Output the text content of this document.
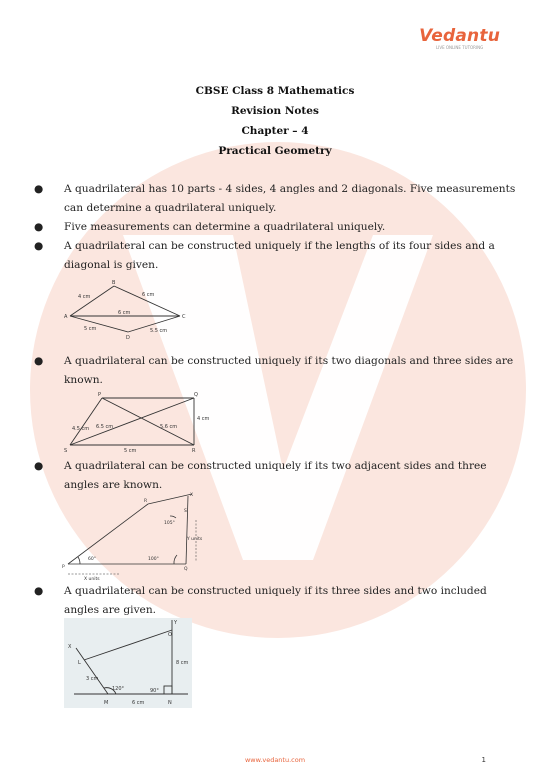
Vedantu
LIVE ONLINE TUTORING
CBSE Class 8 Mathematics
Revision Notes
Chapter – 4
Practical Geometry
●	A quadrilateral has 10 parts - 4 sides, 4 angles and 2 diagonals. Five measurements can determine a quadrilateral uniquely.
●	Five measurements can determine a quadrilateral uniquely.
●	A quadrilateral can be constructed uniquely if the lengths of its four sides and a diagonal is given.
B
4 cm	6 cm
A
6 cm
C
5 cm	5.5 cm
D
●	A quadrilateral can be constructed uniquely if its two diagonals and three sides are known.
P	Q
4.5 cm 6.5 cm	5.6 cm
4 cm
S	5 cm	R
●	A quadrilateral can be constructed uniquely if its two adjacent sides and three angles are known.
X
R
105°
Y units
60°	100°
X units
P	Q
S
●	A quadrilateral can be constructed uniquely if its three sides and two included angles are given.
Y
O
X
L	8 cm
3 cm
120°	90°
M	6 cm	N
www.vedantu.com	1
